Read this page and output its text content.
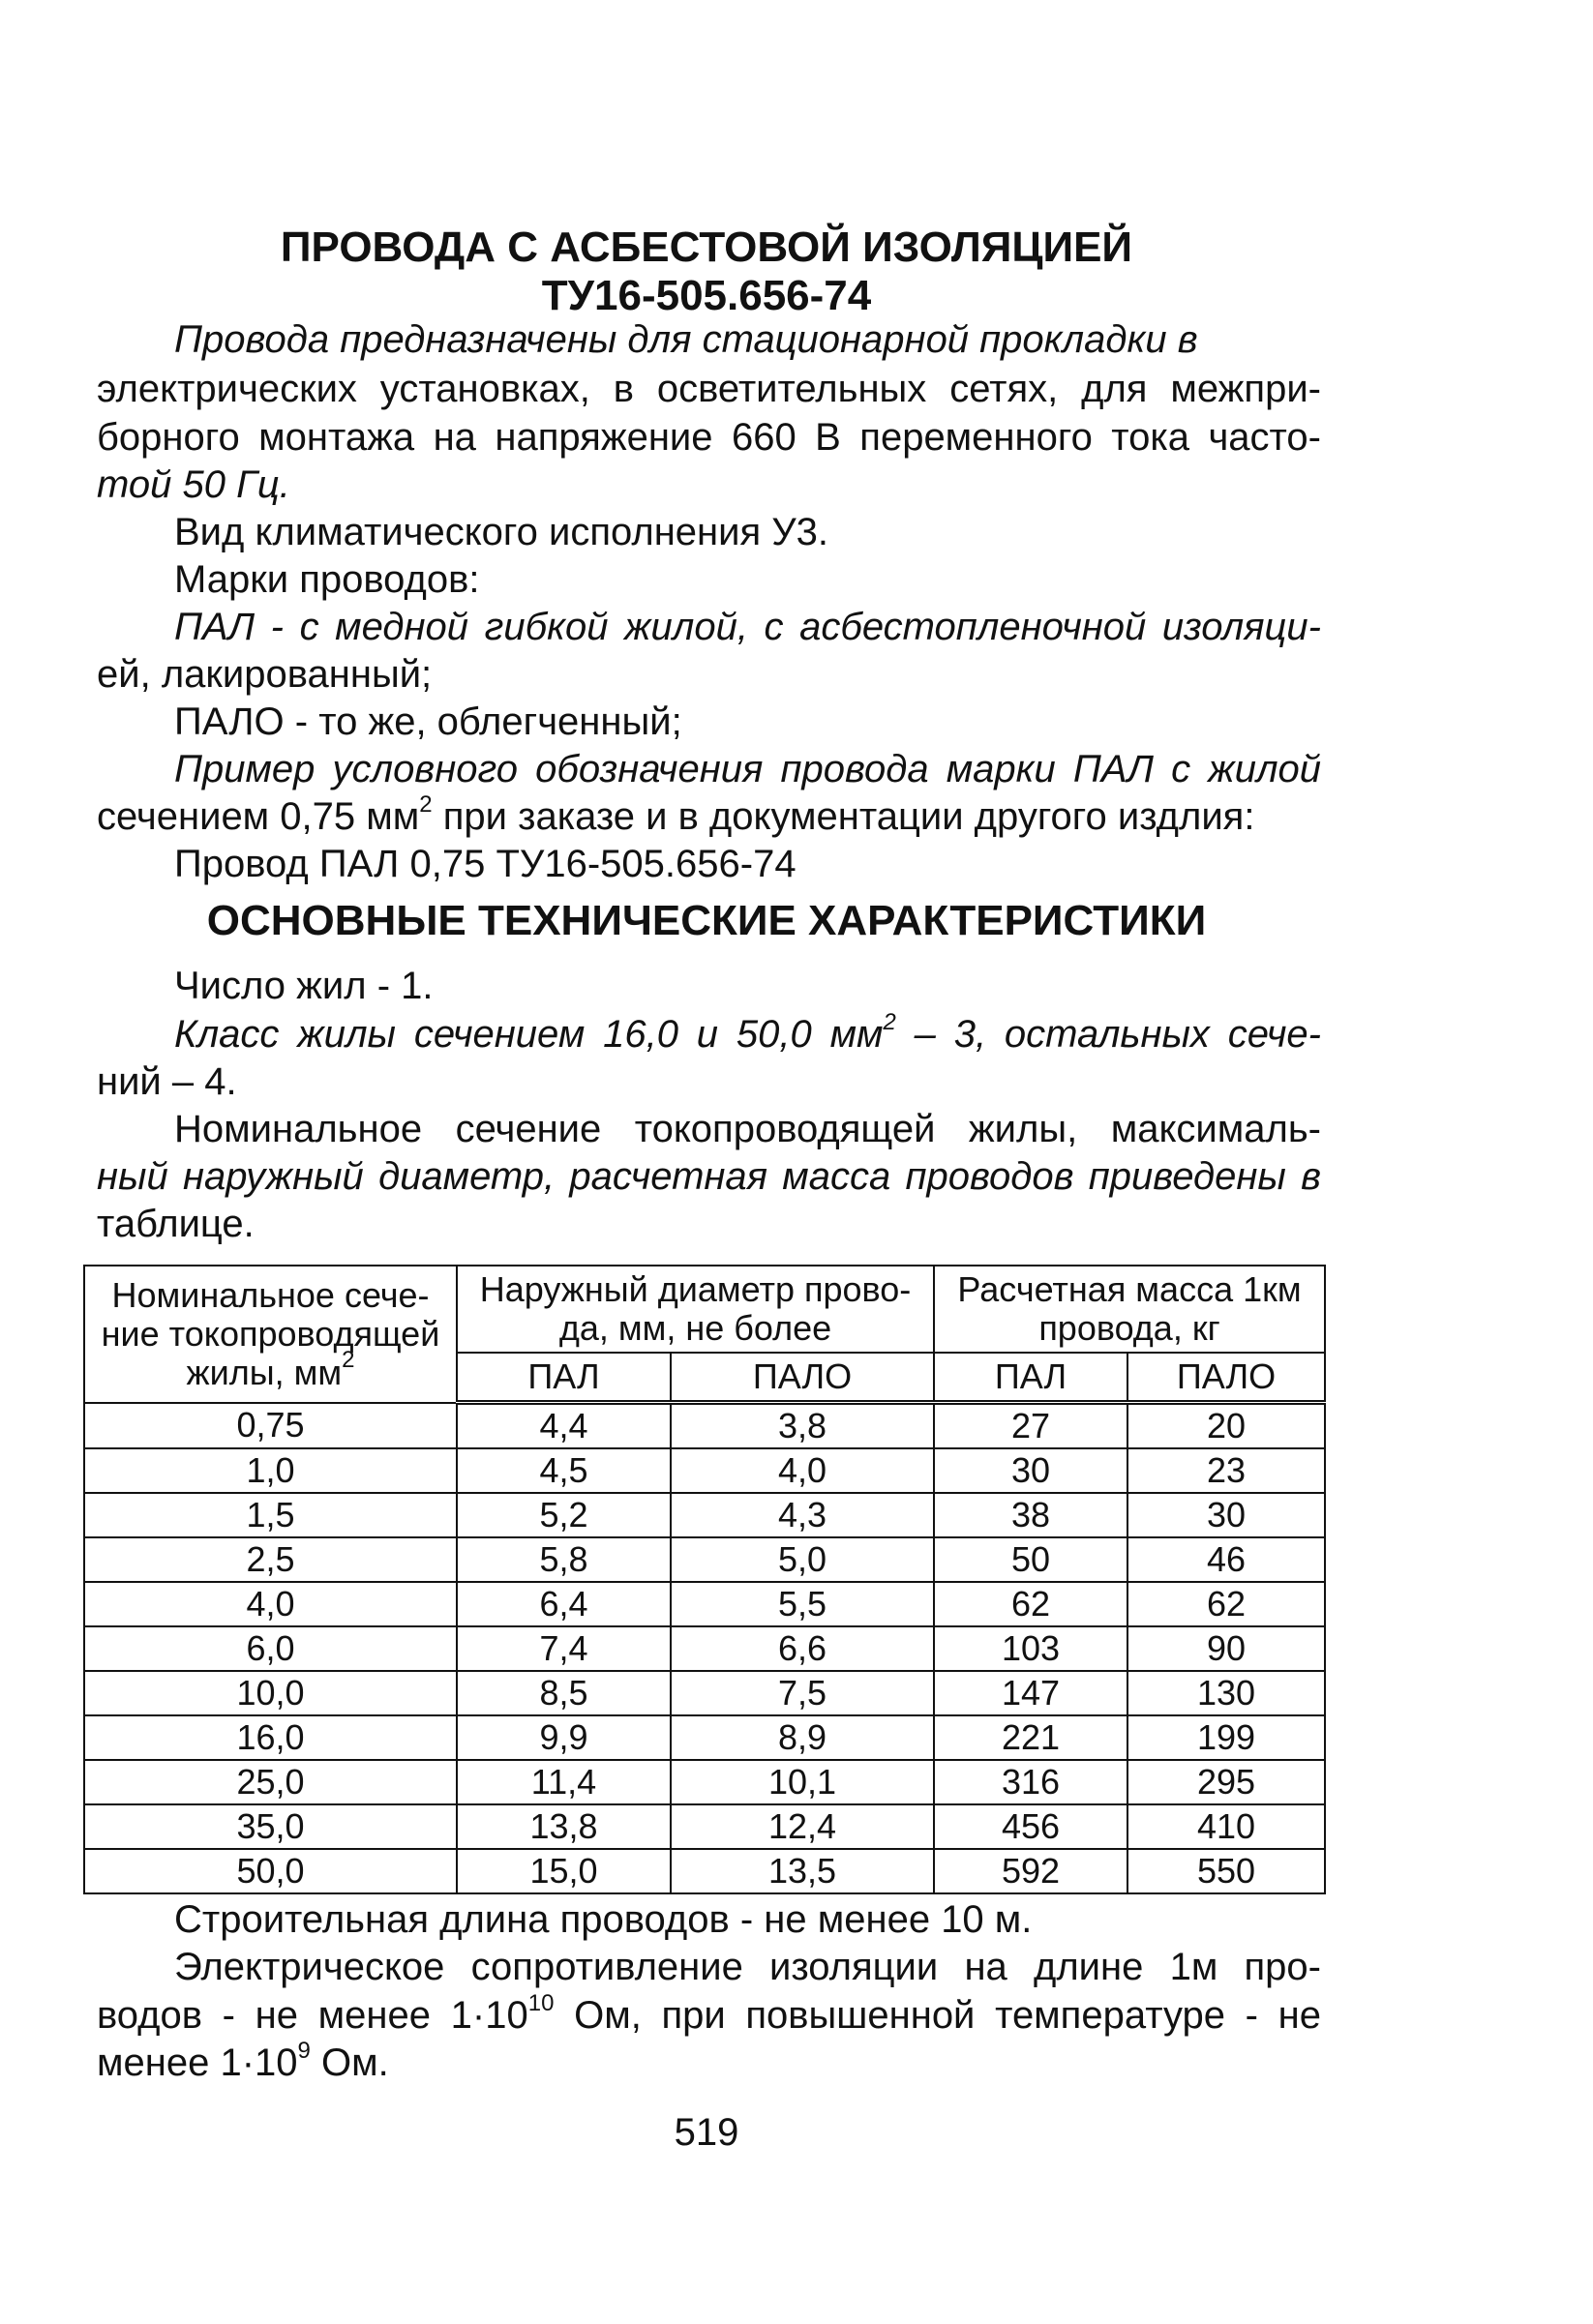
ПРОВОДА С АСБЕСТОВОЙ ИЗОЛЯЦИЕЙ
ТУ16-505.656-74
Провода предназначены для стационарной прокладки в
электрических установках, в осветительных сетях, для межпри-
борного монтажа на напряжение 660 В переменного тока часто-
той 50 Гц.
Вид климатического исполнения У3.
Марки проводов:
ПАЛ - с медной гибкой жилой, с асбестопленочной изоляци-
ей, лакированный;
ПАЛО - то же, облегченный;
Пример условного обозначения провода марки ПАЛ с жилой
сечением 0,75 $мм^2$ при заказе и в документации другого издлия:
Провод ПАЛ 0,75 ТУ16-505.656-74
ОСНОВНЫЕ ТЕХНИЧЕСКИЕ ХАРАКТЕРИСТИКИ
Число жил - 1.
Класс жилы сечением 16,0 и 50,0 $мм^2 - 3$, остальных сече-
ний – 4.
Номинальное сечение токопроводящей жилы, максималь-
ный наружный диаметр, расчетная масса проводов приведены в
таблице.
Номинальное сече-ние токопроводящей жилы, $мм^2$	Наружный диаметр прово-да, мм, не более		Расчетная масса 1км провода, кг	
	ПАЛ	ПАЛО	ПАЛ	ПАЛО
0,75	4,4	3,8	27	20
1,0	4,5	4,0	30	23
1,5	5,2	4,3	38	30
2,5	5,8	5,0	50	46
4,0	6,4	5,5	62	62
6,0	7,4	6,6	103	90
10,0	8,5	7,5	147	130
16,0	9,9	8,9	221	199
25,0	11,4	10,1	316	295
35,0	13,8	12,4	456	410
50,0	15,0	13,5	592	550
Строительная длина проводов - не менее 10 м.
Электрическое сопротивление изоляции на длине 1м про-
водов - не менее $1\cdot 10^{10}$ Ом, при повышенной температуре - не
менее $1\cdot 10^9$ Ом.
519
